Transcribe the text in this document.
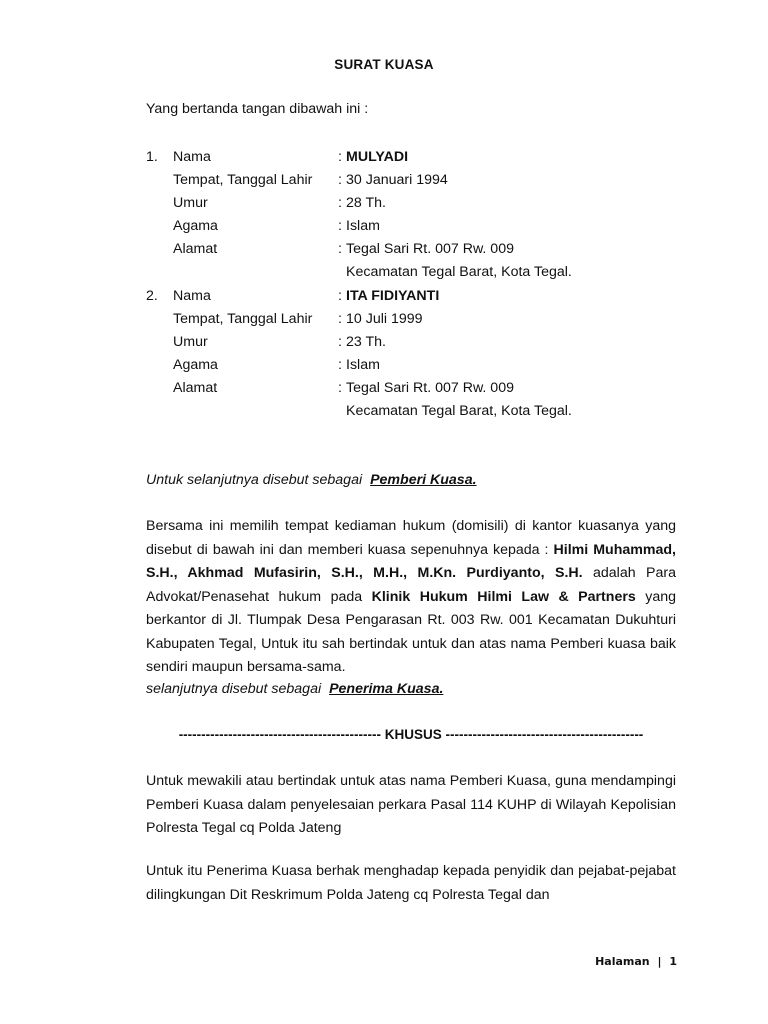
SURAT KUASA
Yang bertanda tangan dibawah ini :
1. Nama	: MULYADI
Tempat, Tanggal Lahir : 30 Januari 1994
Umur	: 28 Th.
Agama	: Islam
Alamat	: Tegal Sari Rt. 007 Rw. 009
Kecamatan Tegal Barat, Kota Tegal.
2. Nama	: ITA FIDIYANTI
Tempat, Tanggal Lahir : 10 Juli 1999
Umur	: 23 Th.
Agama	: Islam
Alamat	: Tegal Sari Rt. 007 Rw. 009
Kecamatan Tegal Barat, Kota Tegal.
Untuk selanjutnya disebut sebagai Pemberi Kuasa.
Bersama ini memilih tempat kediaman hukum (domisili) di kantor kuasanya yang disebut di bawah ini dan memberi kuasa sepenuhnya kepada : Hilmi Muhammad, S.H., Akhmad Mufasirin, S.H., M.H., M.Kn. Purdiyanto, S.H. adalah Para Advokat/Penasehat hukum pada Klinik Hukum Hilmi Law & Partners yang berkantor di Jl. Tlumpak Desa Pengarasan Rt. 003 Rw. 001 Kecamatan Dukuhturi Kabupaten Tegal, Untuk itu sah bertindak untuk dan atas nama Pemberi kuasa baik sendiri maupun bersama-sama.
selanjutnya disebut sebagai Penerima Kuasa.
--------------------------------------------- KHUSUS --------------------------------------------
Untuk mewakili atau bertindak untuk atas nama Pemberi Kuasa, guna mendampingi Pemberi Kuasa dalam penyelesaian perkara Pasal 114 KUHP di Wilayah Kepolisian Polresta Tegal cq Polda Jateng
Untuk itu Penerima Kuasa berhak menghadap kepada penyidik dan pejabat-pejabat dilingkungan Dit Reskrimum Polda Jateng cq Polresta Tegal dan
Halaman | 1
